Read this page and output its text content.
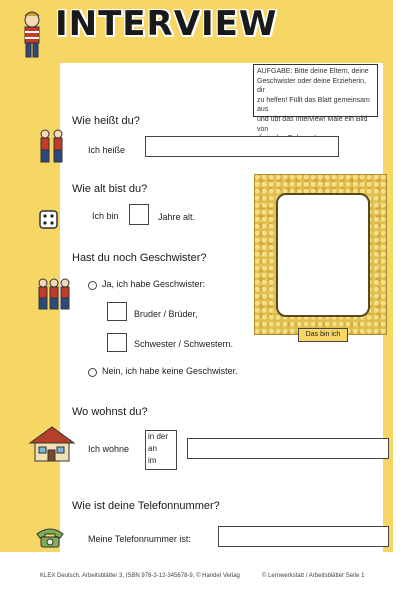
INTERVIEW
AUFGABE: Bitte deine Eltern, deine
Geschwister oder deine Erzieherin, dir
zu helfen! Füllt das Blatt gemeinsam aus
und übt das Interview! Male ein Bild von
Wie heißt du?
Ich heiße
Wie alt bist du?
Ich bin	Jahre alt.
Hast du noch Geschwister?
Ja, ich habe Geschwister:
Bruder / Brüder,
Schwester / Schwestern.
Nein, ich habe keine Geschwister.
Das bin ich
Wo wohnst du?
Ich wohne
in der
an
im
Wie ist deine Telefonnummer?
Meine Telefonnummer ist:
KLEX Deutsch, Arbeitsblätter 3, ISBN 978-3-12-345678-9, © Handel Verlag	© Lernwerkstatt / Arbeitsblätter Seite 1
